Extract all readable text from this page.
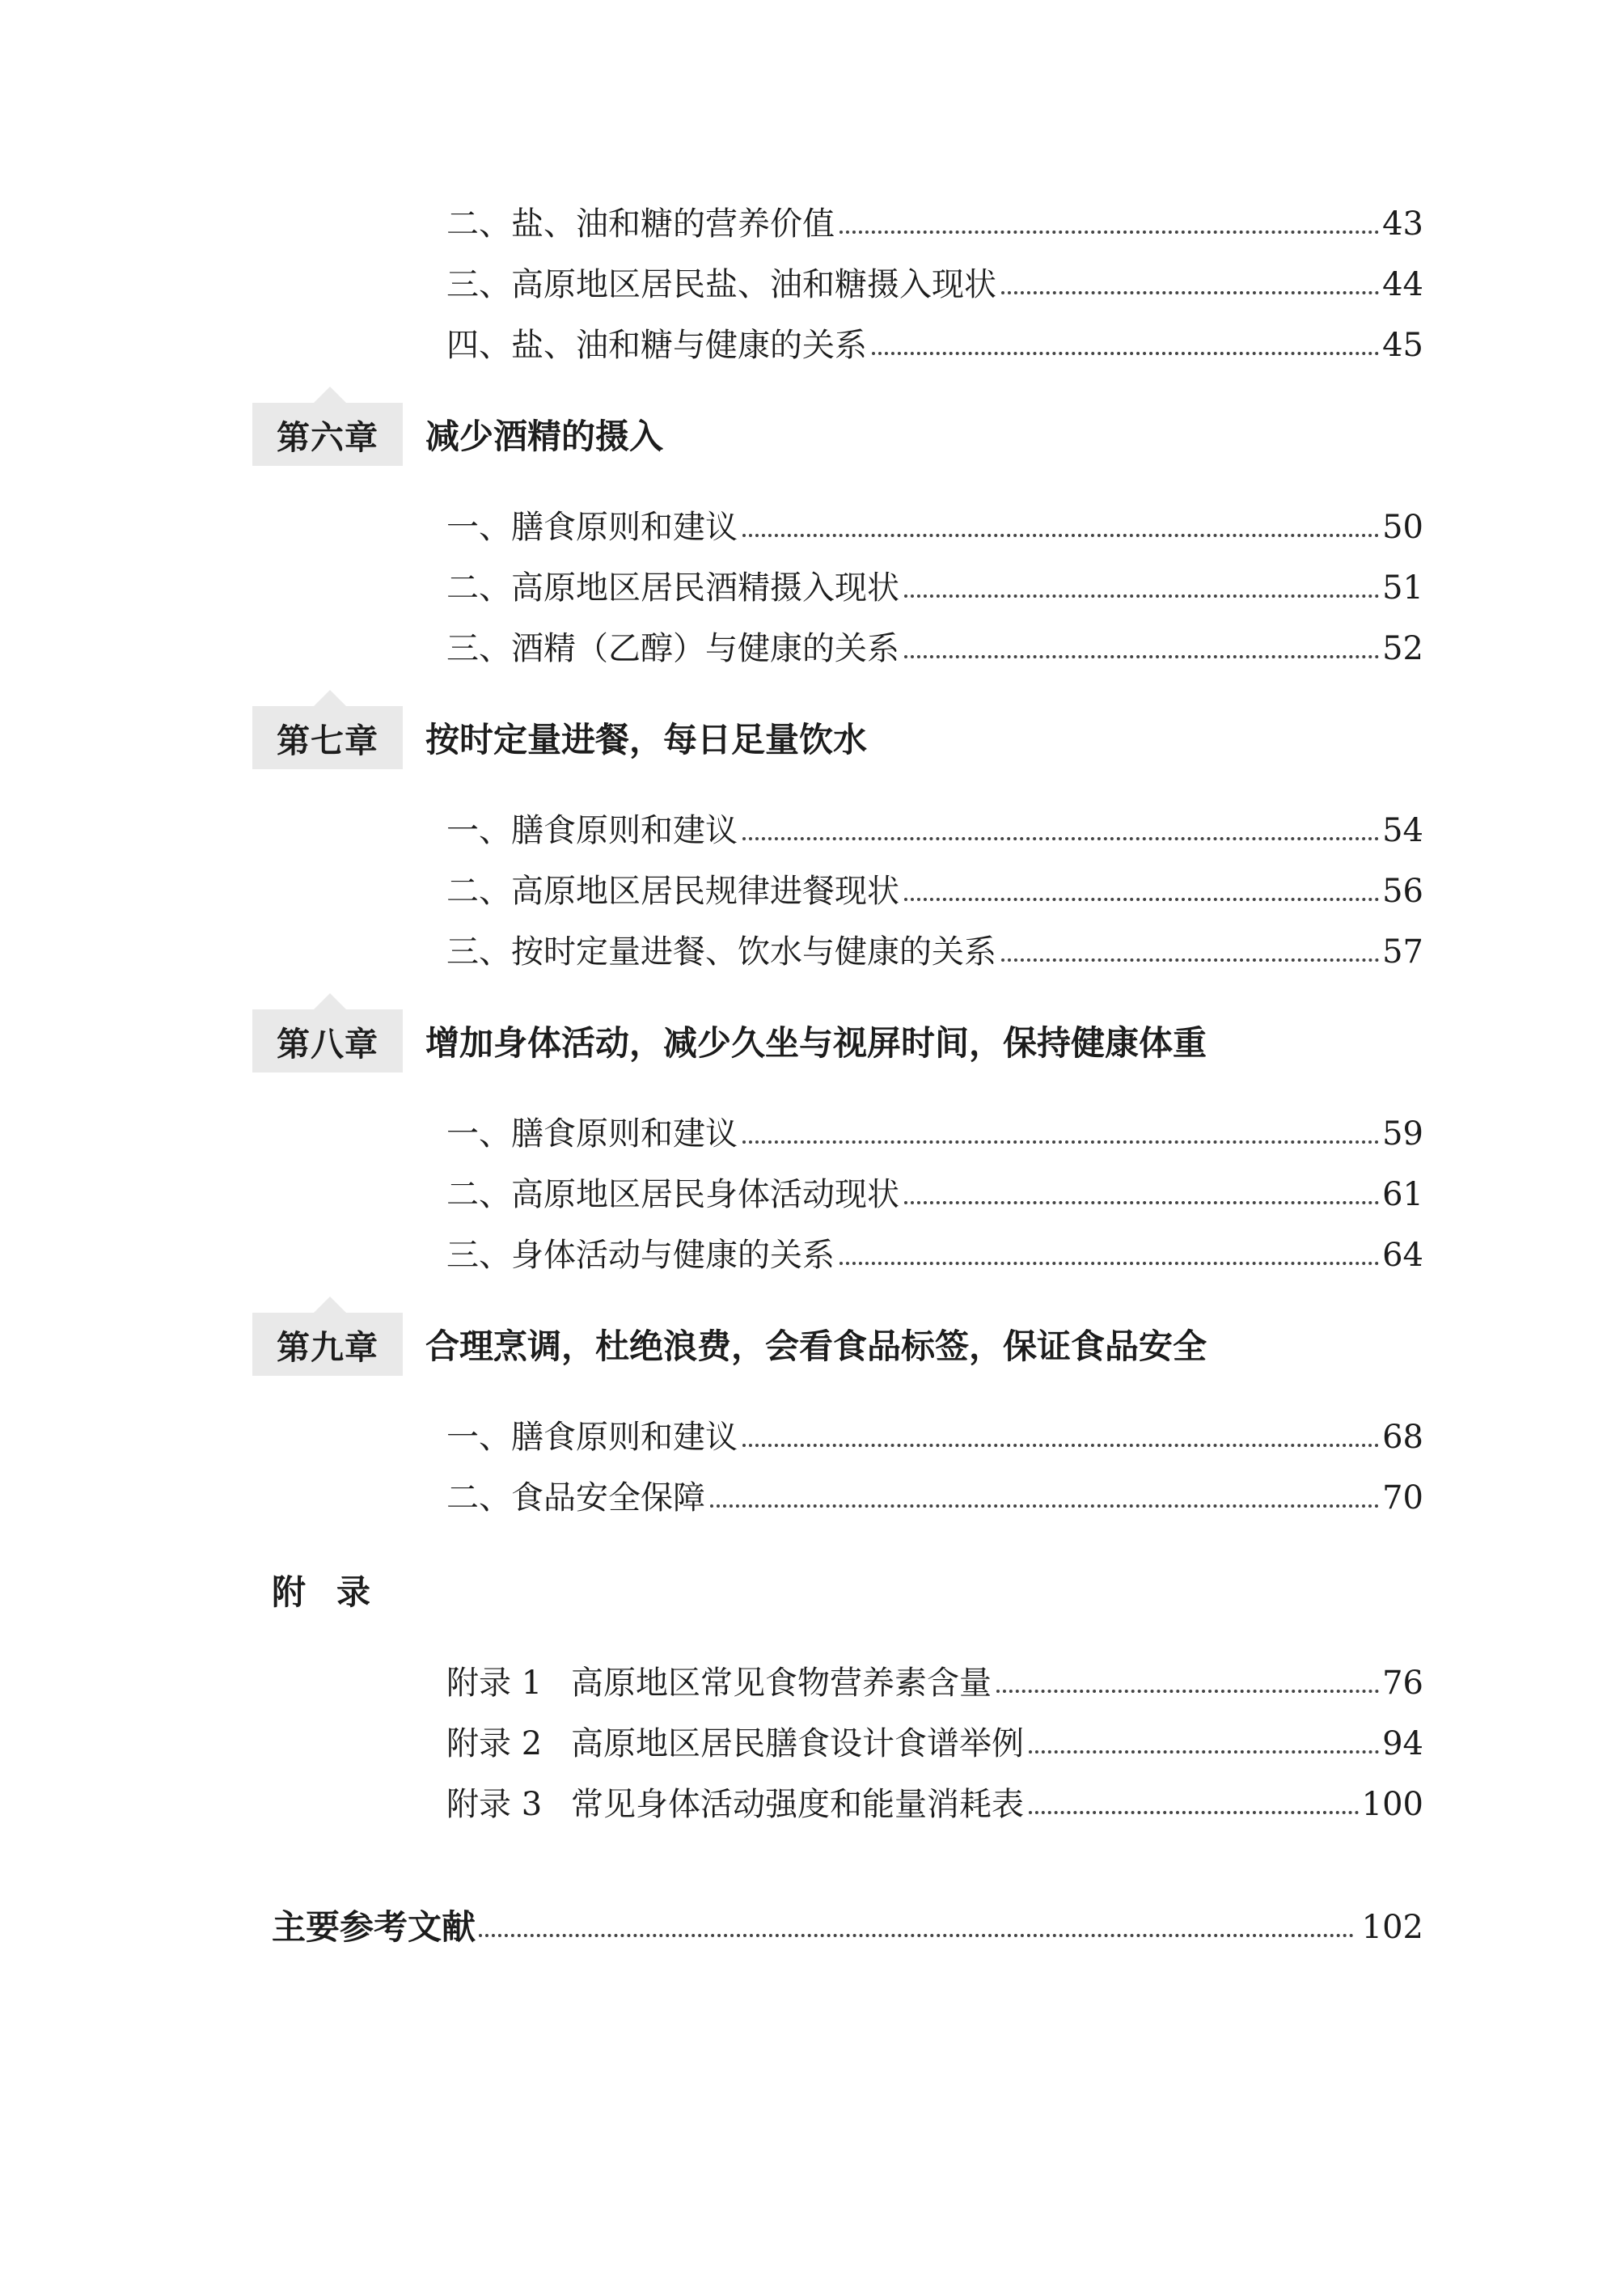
二、盐、油和糖的营养价值	43
三、高原地区居民盐、油和糖摄入现状	44
四、盐、油和糖与健康的关系	45
第六章	减少酒精的摄入
一、膳食原则和建议	50
二、高原地区居民酒精摄入现状	51
三、酒精（乙醇）与健康的关系	52
第七章	按时定量进餐，每日足量饮水
一、膳食原则和建议	54
二、高原地区居民规律进餐现状	56
三、按时定量进餐、饮水与健康的关系	57
第八章	增加身体活动，减少久坐与视屏时间，保持健康体重
一、膳食原则和建议	59
二、高原地区居民身体活动现状	61
三、身体活动与健康的关系	64
第九章	合理烹调，杜绝浪费，会看食品标签，保证食品安全
一、膳食原则和建议	68
二、食品安全保障	70
附录
附录 1 高原地区常见食物营养素含量	76
附录 2 高原地区居民膳食设计食谱举例	94
附录 3 常见身体活动强度和能量消耗表	100
主要参考文献	102
